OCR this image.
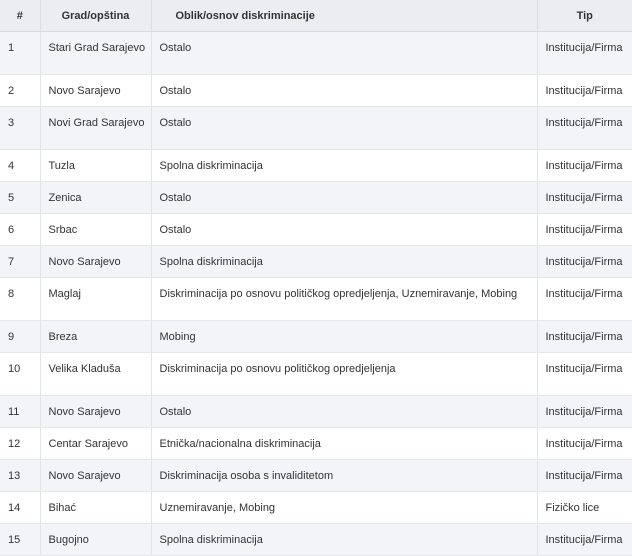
#	Grad/opština	Oblik/osnov diskriminacije	Tip
1	Stari Grad Sarajevo	Ostalo	Institucija/Firma
2	Novo Sarajevo	Ostalo	Institucija/Firma
3	Novi Grad Sarajevo	Ostalo	Institucija/Firma
4	Tuzla	Spolna diskriminacija	Institucija/Firma
5	Zenica	Ostalo	Institucija/Firma
6	Srbac	Ostalo	Institucija/Firma
7	Novo Sarajevo	Spolna diskriminacija	Institucija/Firma
8	Maglaj	Diskriminacija po osnovu političkog opredjeljenja, Uznemiravanje, Mobing	Institucija/Firma
9	Breza	Mobing	Institucija/Firma
10	Velika Kladuša	Diskriminacija po osnovu političkog opredjeljenja	Institucija/Firma
11	Novo Sarajevo	Ostalo	Institucija/Firma
12	Centar Sarajevo	Etnička/nacionalna diskriminacija	Institucija/Firma
13	Novo Sarajevo	Diskriminacija osoba s invaliditetom	Institucija/Firma
14	Bihać	Uznemiravanje, Mobing	Fizičko lice
15	Bugojno	Spolna diskriminacija	Institucija/Firma
